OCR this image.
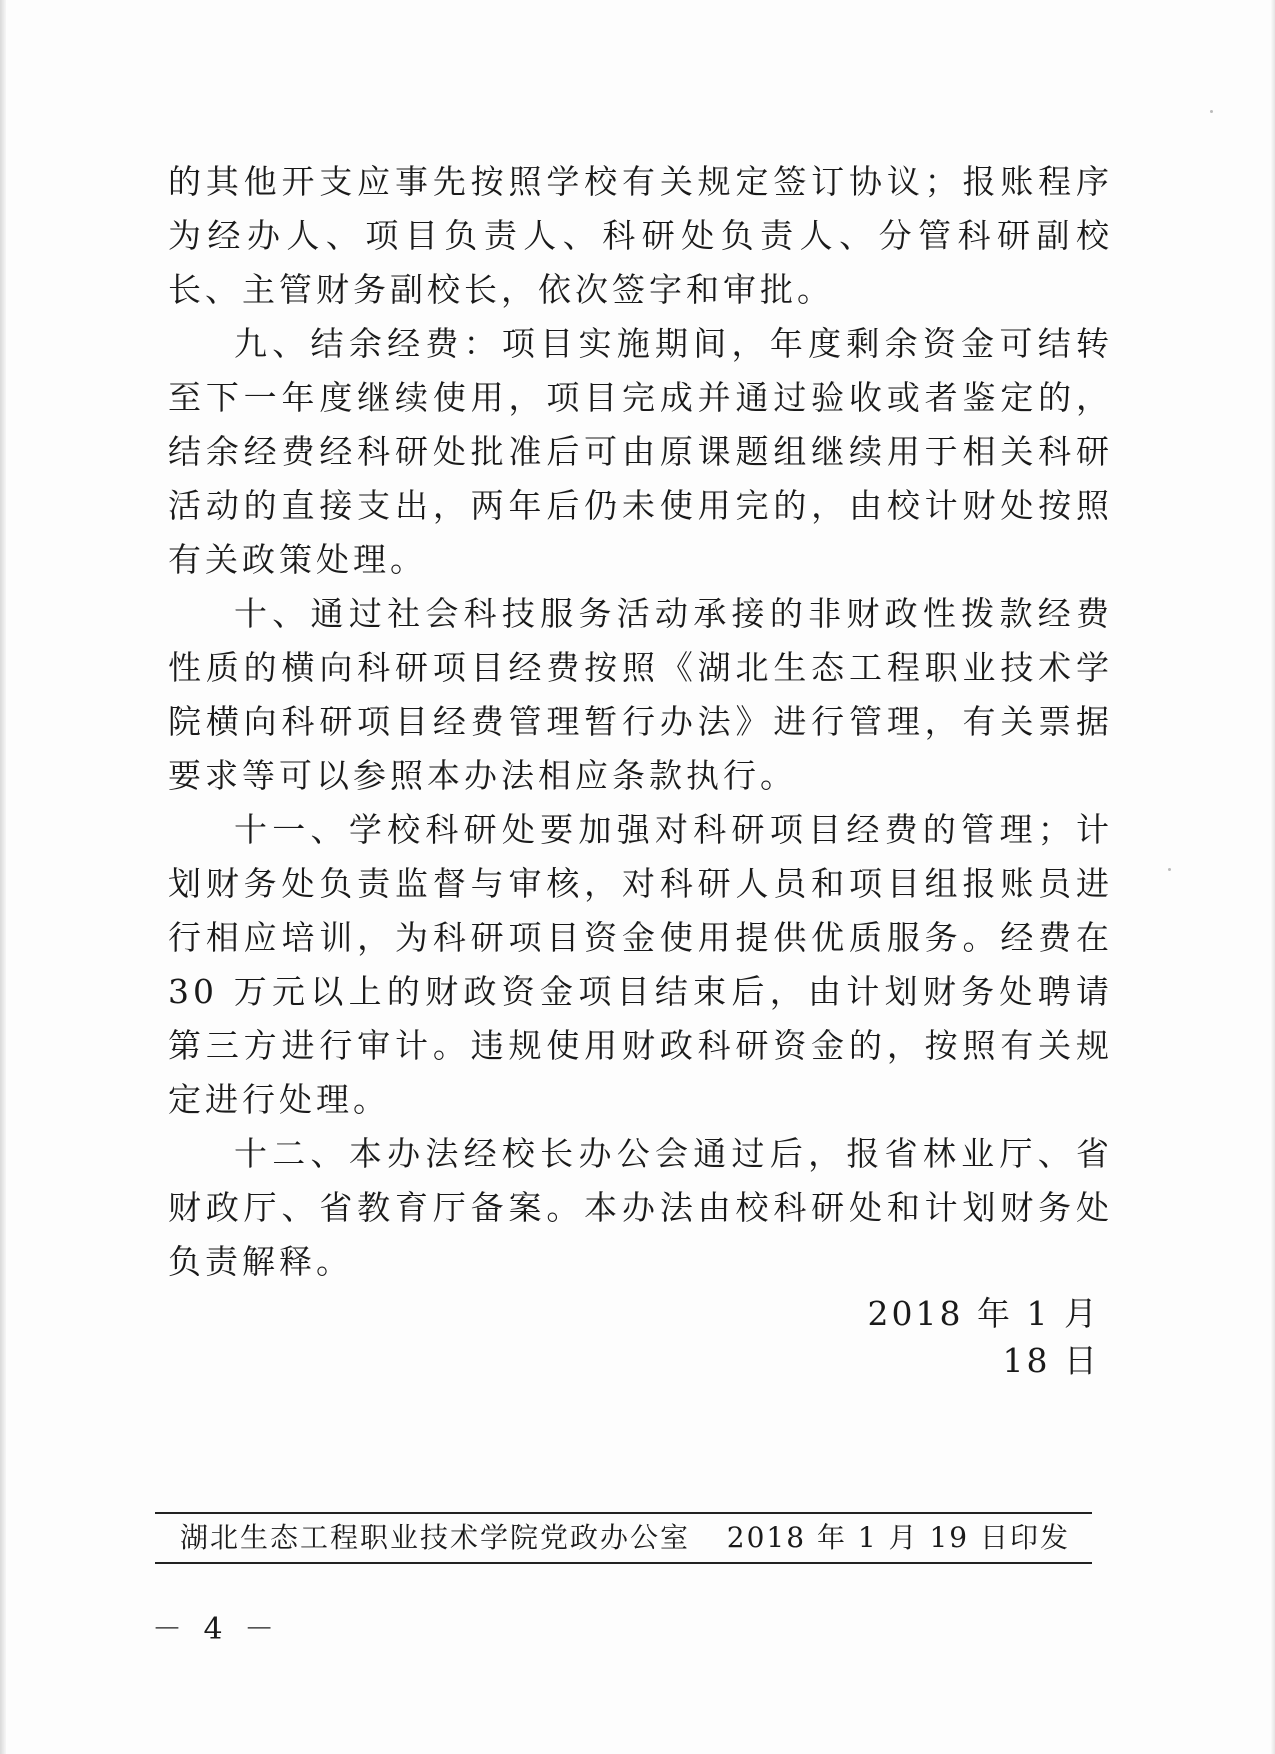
的其他开支应事先按照学校有关规定签订协议；报账程序为经办人、项目负责人、科研处负责人、分管科研副校长、主管财务副校长，依次签字和审批。

九、结余经费：项目实施期间，年度剩余资金可结转至下一年度继续使用，项目完成并通过验收或者鉴定的，结余经费经科研处批准后可由原课题组继续用于相关科研活动的直接支出，两年后仍未使用完的，由校计财处按照有关政策处理。

十、通过社会科技服务活动承接的非财政性拨款经费性质的横向科研项目经费按照《湖北生态工程职业技术学院横向科研项目经费管理暂行办法》进行管理，有关票据要求等可以参照本办法相应条款执行。

十一、学校科研处要加强对科研项目经费的管理；计划财务处负责监督与审核，对科研人员和项目组报账员进行相应培训，为科研项目资金使用提供优质服务。经费在 30 万元以上的财政资金项目结束后，由计划财务处聘请第三方进行审计。违规使用财政科研资金的，按照有关规定进行处理。

十二、本办法经校长办公会通过后，报省林业厅、省财政厅、省教育厅备案。本办法由校科研处和计划财务处负责解释。

2018 年 1 月 18 日
湖北生态工程职业技术学院党政办公室 2018 年 1 月 19 日印发
－ 4 －
